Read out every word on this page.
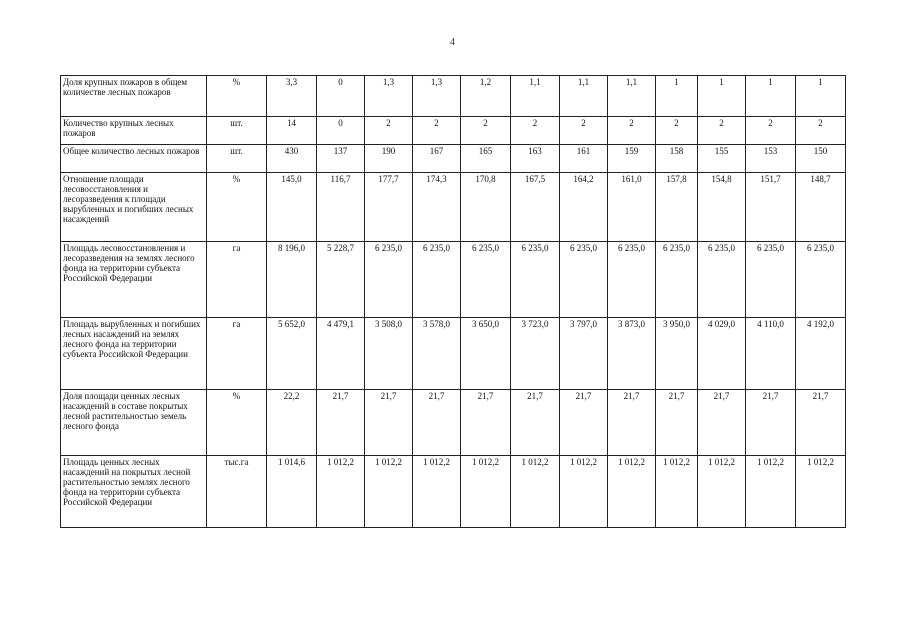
4
Доля крупных пожаров в общем количестве лесных пожаров	%	3,3	0	1,3	1,3	1,2	1,1	1,1	1,1	1	1	1	1
Количество крупных лесных пожаров	шт.	14	0	2	2	2	2	2	2	2	2	2	2
Общее количество лесных пожаров	шт.	430	137	190	167	165	163	161	159	158	155	153	150
Отношение площади лесовосстановления и лесоразведения к площади вырубленных и погибших лесных насаждений	%	145,0	116,7	177,7	174,3	170,8	167,5	164,2	161,0	157,8	154,8	151,7	148,7
Площадь лесовосстановления и лесоразведения на землях лесного фонда на территории субъекта Российской Федерации	га	8 196,0	5 228,7	6 235,0	6 235,0	6 235,0	6 235,0	6 235,0	6 235,0	6 235,0	6 235,0	6 235,0	6 235,0
Площадь вырубленных и погибших лесных насаждений на землях лесного фонда на территории субъекта Российской Федерации	га	5 652,0	4 479,1	3 508,0	3 578,0	3 650,0	3 723,0	3 797,0	3 873,0	3 950,0	4 029,0	4 110,0	4 192,0
Доля площади ценных лесных насаждений в составе покрытых лесной растительностью земель лесного фонда	%	22,2	21,7	21,7	21,7	21,7	21,7	21,7	21,7	21,7	21,7	21,7	21,7
Площадь ценных лесных насаждений на покрытых лесной растительностью землях лесного фонда на территории субъекта Российской Федерации	тыс.га	1 014,6	1 012,2	1 012,2	1 012,2	1 012,2	1 012,2	1 012,2	1 012,2	1 012,2	1 012,2	1 012,2	1 012,2
